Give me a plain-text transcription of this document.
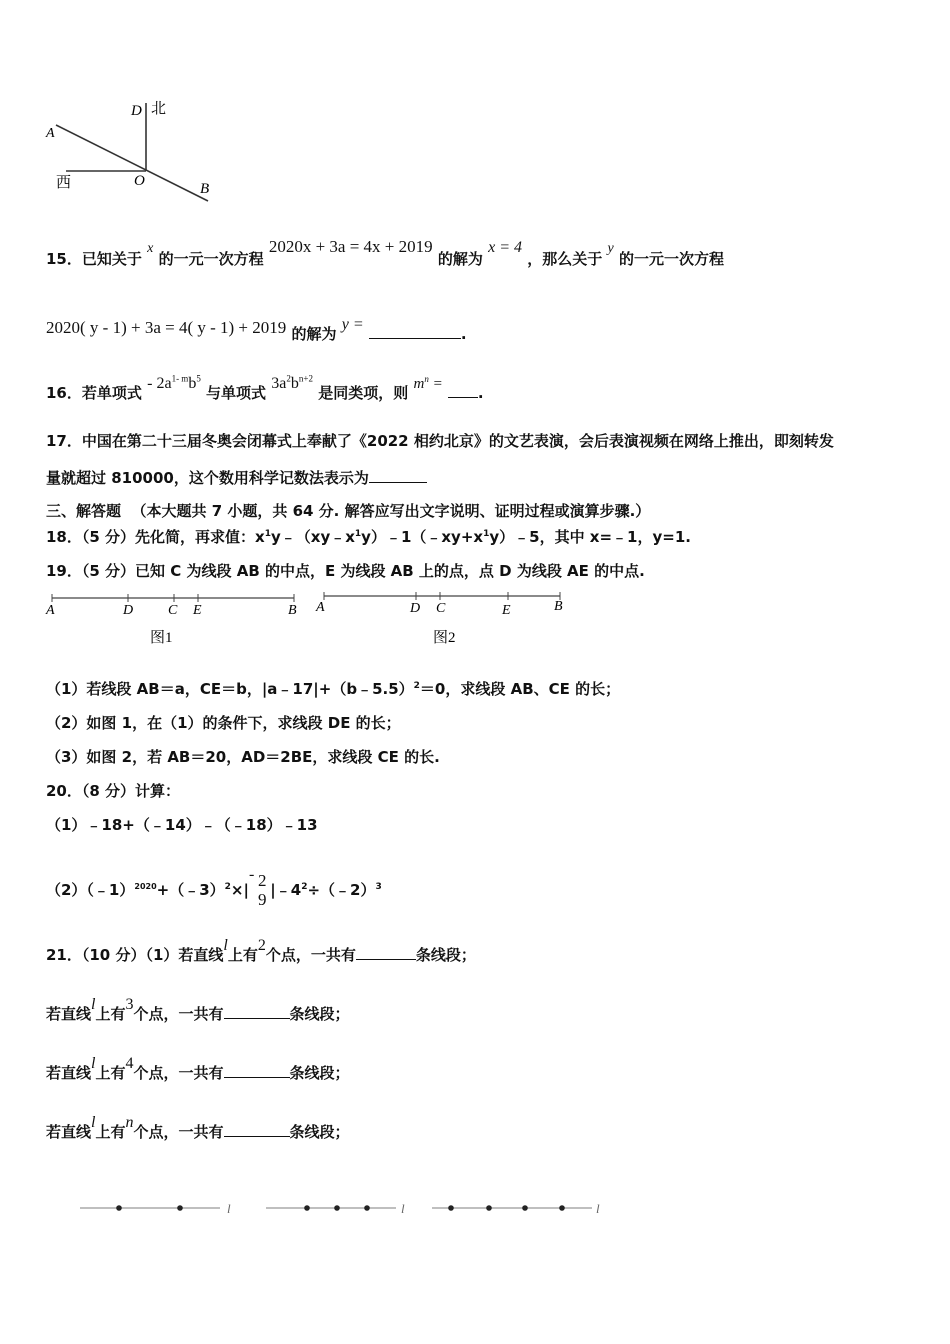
D 北
A
西	O	B
15．已知关于 x 的一元一次方程 2020x + 3a = 4x + 2019 的解为 x = 4 ，那么关于 y 的一元一次方程
2020( y - 1) + 3a = 4( y - 1) + 2019 的解为 y = .
16．若单项式 - $2a^{1- m}b^5$ 与单项式 $3a^2b^{n+2}$ 是同类项，则 $m^n$ = .
17．中国在第二十三届冬奥会闭幕式上奉献了《2022 相约北京》的文艺表演，会后表演视频在网络上推出，即刻转发
量就超过 810000，这个数用科学记数法表示为
三、解答题 （本大题共 7 小题，共 64 分. 解答应写出文字说明、证明过程或演算步骤.）
18．（5 分）先化简，再求值：$x^1y﹣(xy﹣x^1y)﹣1(﹣xy+x^1y)﹣5$，其中 x=﹣1，y=1.
19．（5 分）已知 C 为线段 AB 的中点，E 为线段 AB 上的点，点 D 为线段 AE 的中点.
A	D C E	B
图1
A	D C	E	B
图2
（1）若线段 AB＝a，CE＝b，|a﹣17|+（b﹣5.5）$^2$＝0，求线段 AB、CE 的长；
（2）如图 1，在（1）的条件下，求线段 DE 的长；
（3）如图 2，若 AB＝20，AD＝2BE，求线段 CE 的长.
20．（8 分）计算：
（1）﹣18+（﹣14）﹣（﹣18）﹣13
（2）（﹣1）$^{2020}$+（﹣3）$^2$×|- 2
9 $|﹣4^2\div(﹣2)^3$
21．（10 分）（1）若直线l上有2个点，一共有	条线段；
若直线l上有3个点，一共有	条线段；
若直线l上有4个点，一共有	条线段；
若直线l上有n个点，一共有	条线段；
l	l	l
